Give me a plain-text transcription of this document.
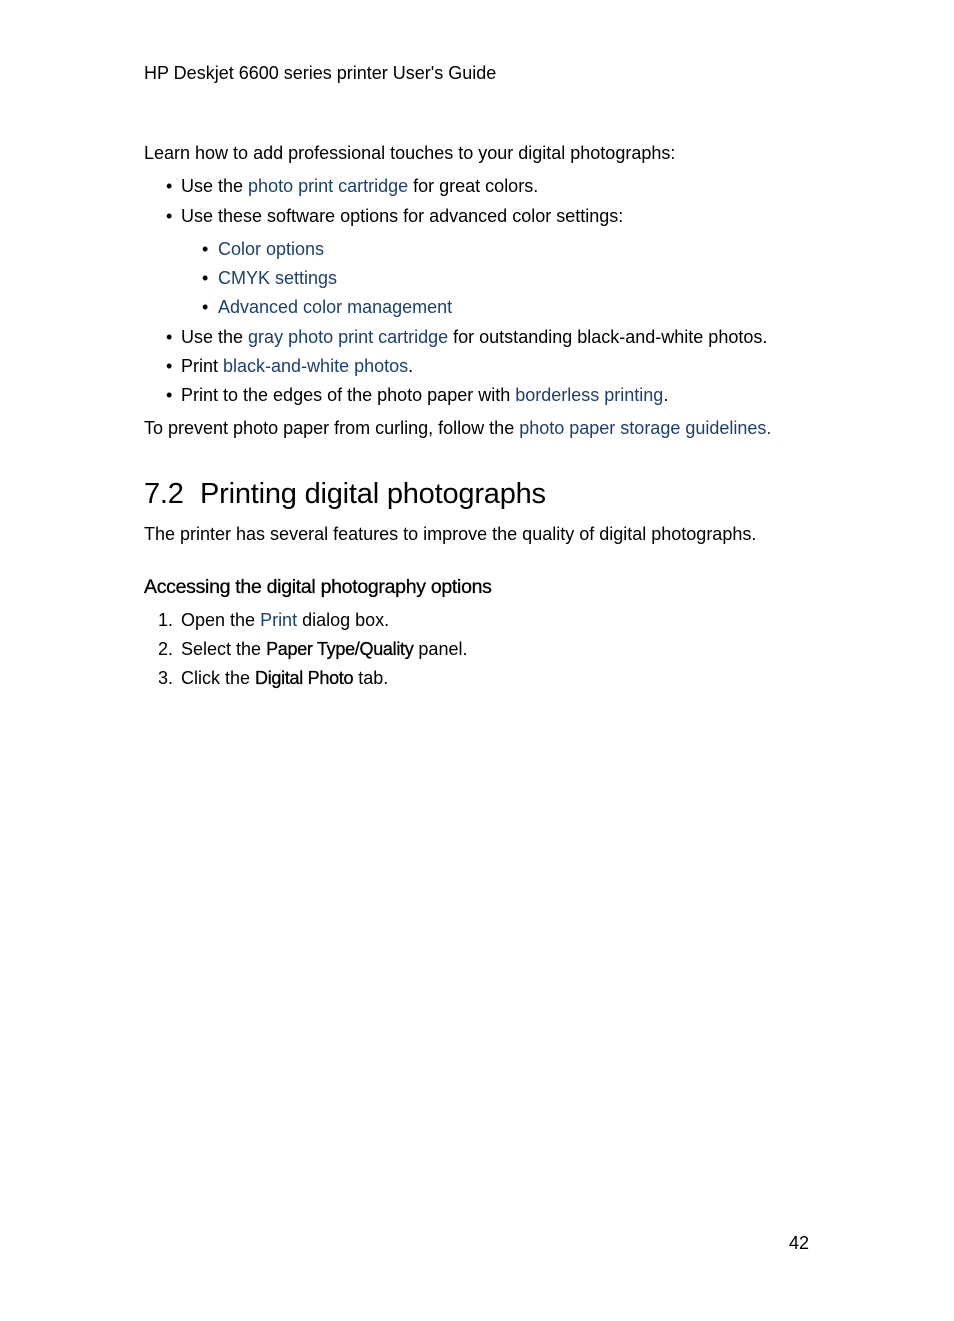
HP Deskjet 6600 series printer User's Guide
Learn how to add professional touches to your digital photographs:
• Use the photo print cartridge for great colors.
• Use these software options for advanced color settings:
• Color options
• CMYK settings
• Advanced color management
• Use the gray photo print cartridge for outstanding black-and-white photos.
• Print black-and-white photos.
• Print to the edges of the photo paper with borderless printing.
To prevent photo paper from curling, follow the photo paper storage guidelines.
7.2 Printing digital photographs
The printer has several features to improve the quality of digital photographs.
Accessing the digital photography options
1. Open the Print dialog box.
2. Select the Paper Type/Quality panel.
3. Click the Digital Photo tab.
42
